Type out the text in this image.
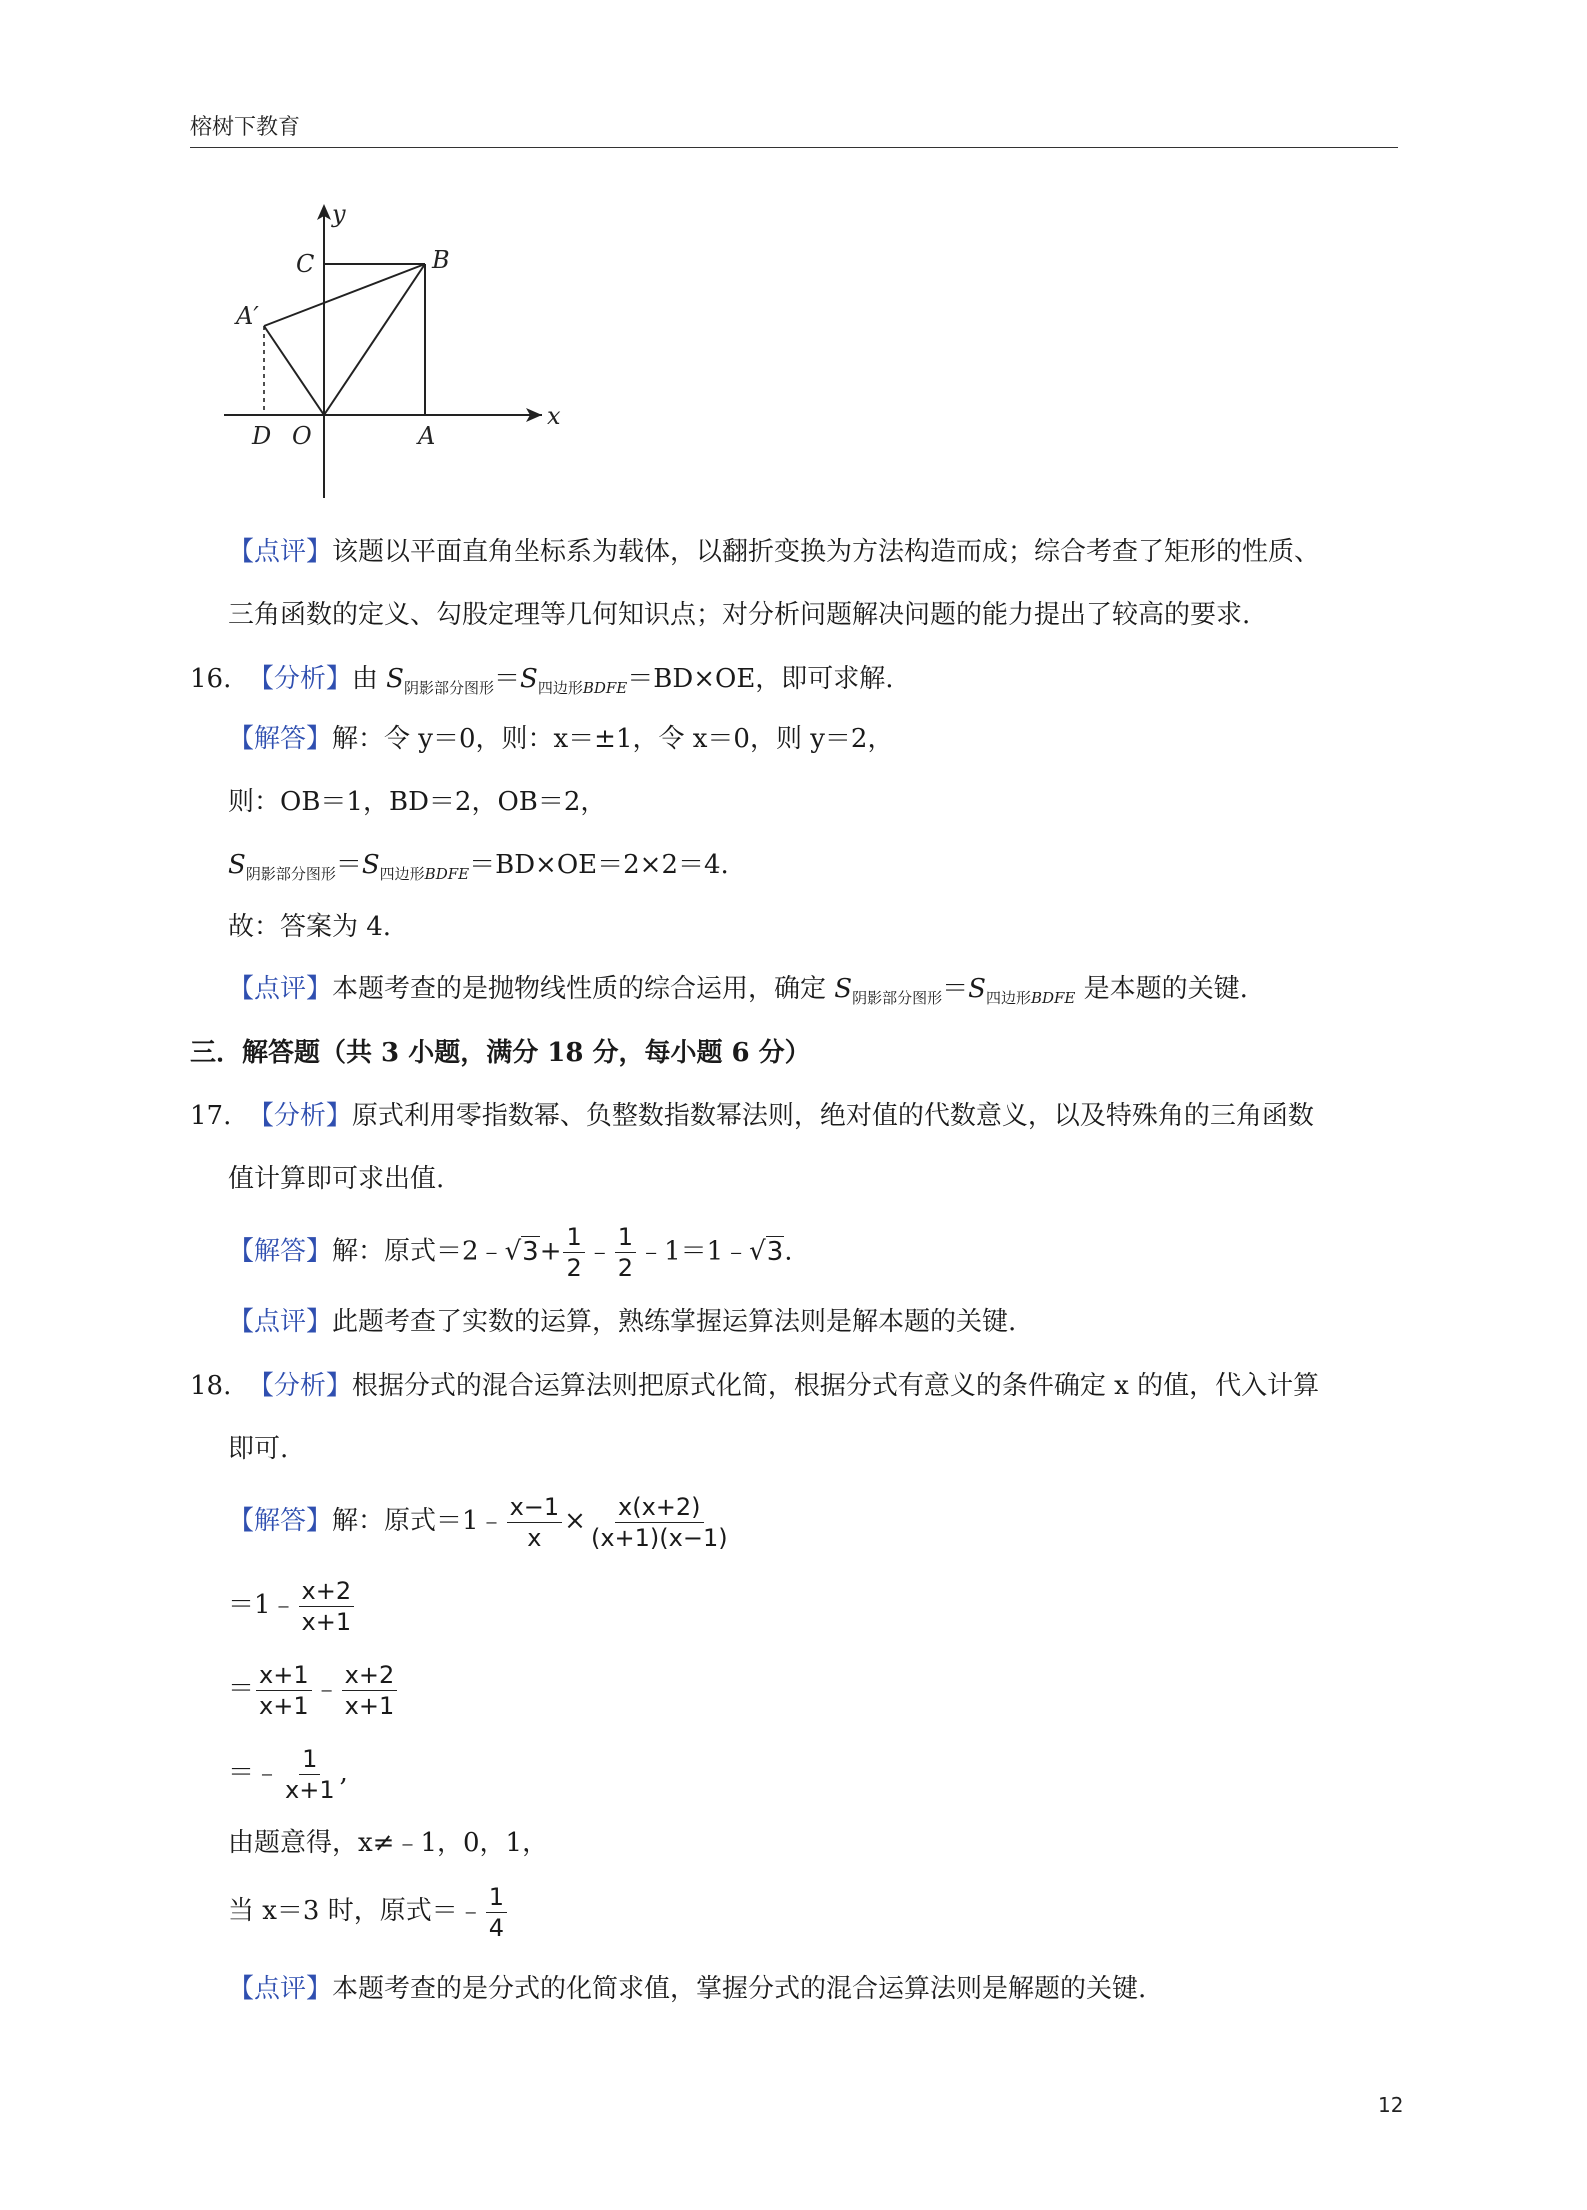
榕树下教育
y
x
C	B
A′
D O	A
【点评】该题以平面直角坐标系为载体，以翻折变换为方法构造而成；综合考查了矩形的性质、
三角函数的定义、勾股定理等几何知识点；对分析问题解决问题的能力提出了较高的要求.
16. 【分析】由 $S_{阴影部分图形}=S_{四边形BDFE}=BD\times OE$，即可求解.
【解答】解：令 y＝0，则：x＝±1，令 x＝0，则 y＝2，
则：OB＝1，BD＝2，OB＝2，
$S_{阴影部分图形}=S_{四边形BDFE}=BD\times OE=2\times 2=4$.
故：答案为 4.
【点评】本题考查的是抛物线性质的综合运用，确定 $S_{阴影部分图形}=S_{四边形BDFE}$ 是本题的关键.
三．解答题（共 3 小题，满分 18 分，每小题 6 分）
17. 【分析】原式利用零指数幂、负整数指数幂法则，绝对值的代数意义，以及特殊角的三角函数
值计算即可求出值.
【解答】解：原式＝2﹣√3+ $\frac{1}{2}$ ﹣ $\frac{1}{2}$ ﹣1＝1﹣√3.
【点评】此题考查了实数的运算，熟练掌握运算法则是解本题的关键.
18. 【分析】根据分式的混合运算法则把原式化简，根据分式有意义的条件确定 x 的值，代入计算
即可.
【解答】解：原式＝1﹣ $\frac{x-1}{x} \times \frac{x(x+2)}{(x+1)(x-1)}$
＝1﹣ $\frac{x+2}{x+1}$
＝ $\frac{x+1}{x+1}$ ﹣ $\frac{x+2}{x+1}$
＝﹣ $\frac{1}{x+1}$ ,
由题意得，x≠﹣1，0，1，
当 x＝3 时，原式＝﹣ $\frac{1}{4}$
【点评】本题考查的是分式的化简求值，掌握分式的混合运算法则是解题的关键.
12
